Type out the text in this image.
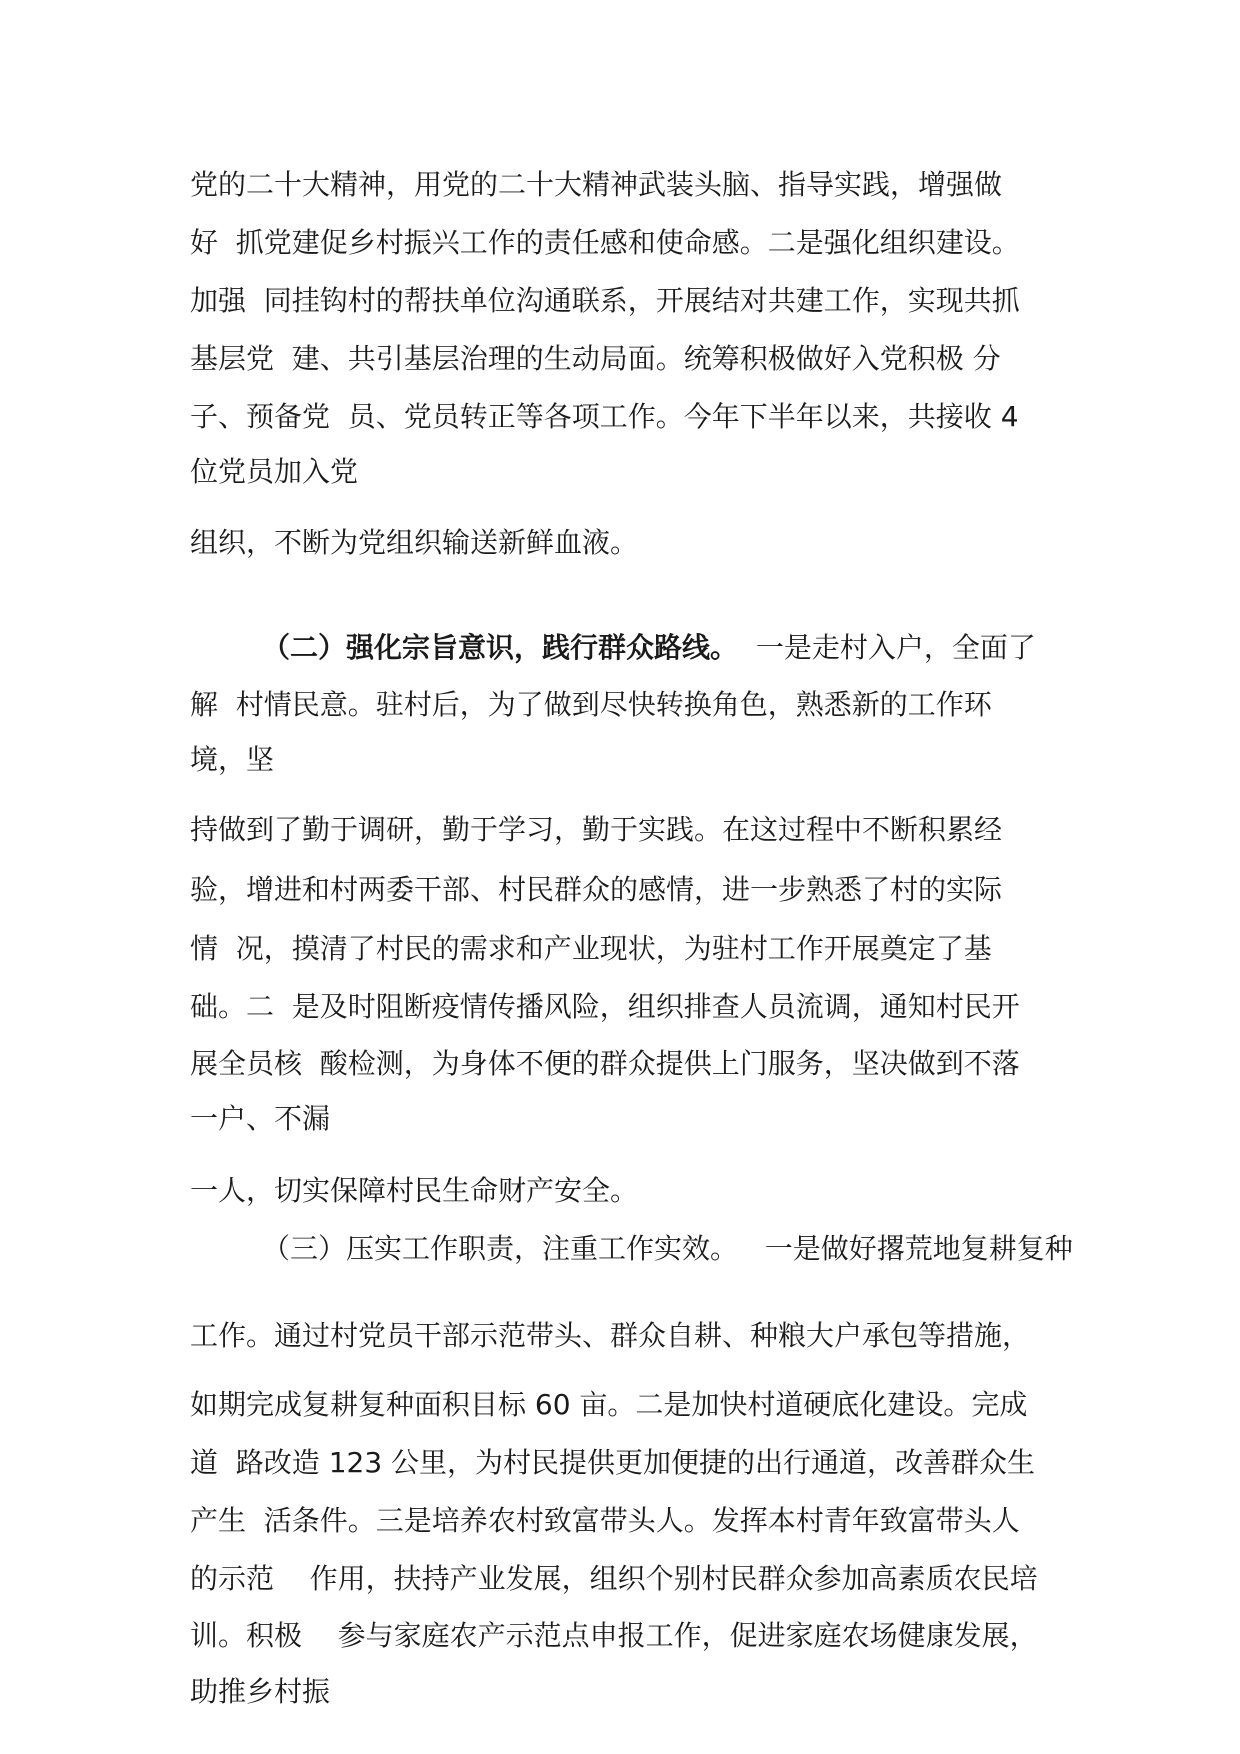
党的二十大精神，用党的二十大精神武装头脑、指导实践，增强做
好  抓党建促乡村振兴工作的责任感和使命感。二是强化组织建设。
加强  同挂钩村的帮扶单位沟通联系，开展结对共建工作，实现共抓
基层党  建、共引基层治理的生动局面。统筹积极做好入党积极 分
子、预备党  员、党员转正等各项工作。今年下半年以来，共接收 4
位党员加入党
组织，不断为党组织输送新鲜血液。
（二）强化宗旨意识，践行群众路线。  一是走村入户，全面了
解  村情民意。驻村后，为了做到尽快转换角色，熟悉新的工作环
境，坚
持做到了勤于调研，勤于学习，勤于实践。在这过程中不断积累经
验，增进和村两委干部、村民群众的感情，进一步熟悉了村的实际
情  况，摸清了村民的需求和产业现状，为驻村工作开展奠定了基
础。二  是及时阻断疫情传播风险，组织排查人员流调，通知村民开
展全员核  酸检测，为身体不便的群众提供上门服务，坚决做到不落
一户、不漏
一人，切实保障村民生命财产安全。
（三）压实工作职责，注重工作实效。   一是做好撂荒地复耕复种
工作。通过村党员干部示范带头、群众自耕、种粮大户承包等措施，
如期完成复耕复种面积目标 60 亩。二是加快村道硬底化建设。完成
道  路改造 123 公里，为村民提供更加便捷的出行通道，改善群众生
产生  活条件。三是培养农村致富带头人。发挥本村青年致富带头人
的示范    作用，扶持产业发展，组织个别村民群众参加高素质农民培
训。积极    参与家庭农产示范点申报工作，促进家庭农场健康发展，
助推乡村振
